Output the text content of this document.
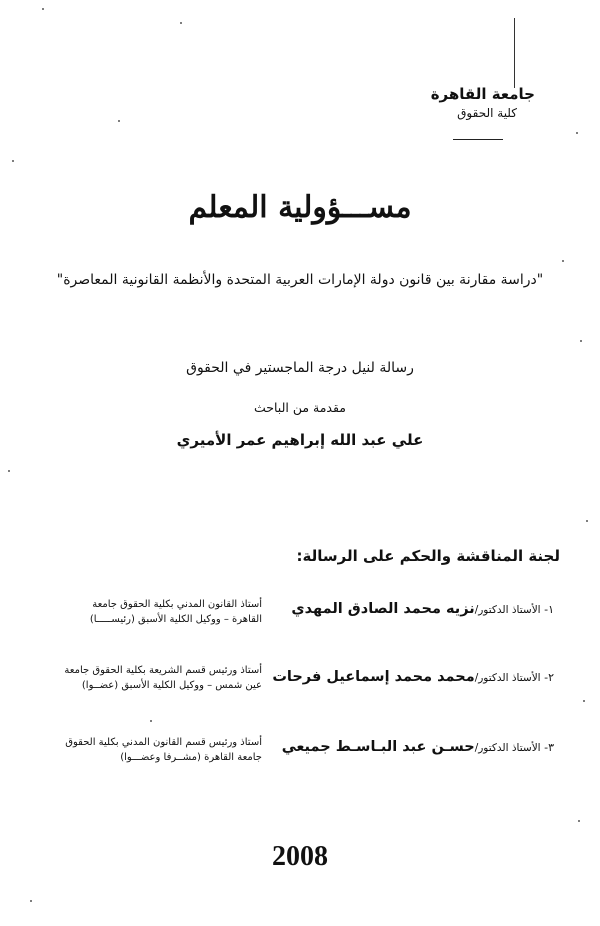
جامعة القاهرة
كلية الحقوق
مســـؤولية المعلم
"دراسة مقارنة بين قانون دولة الإمارات العربية المتحدة والأنظمة القانونية المعاصرة"
رسالة لنيل درجة الماجستير في الحقوق
مقدمة من الباحث
علي عبد الله إبراهيم عمر الأميري
لجنة المناقشة والحكم على الرسالة:
١- الأستاذ الدكتور/نزيه محمد الصادق المهدي
أستاذ القانون المدني بكلية الحقوق جامعة
القاهرة – ووكيل الكلية الأسبق (رئيســـــا)
٢- الأستاذ الدكتور/محمد محمد إسماعيل فرحات
أستاذ ورئيس قسم الشريعة بكلية الحقوق جامعة
عين شمس – ووكيل الكلية الأسبق (عضــوا)
٣- الأستاذ الدكتور/حسـن عبد البـاسـط جميعي
أستاذ ورئيس قسم القانون المدني بكلية الحقوق
جامعة القاهرة (مشــرفا وعضـــوا)
2008
